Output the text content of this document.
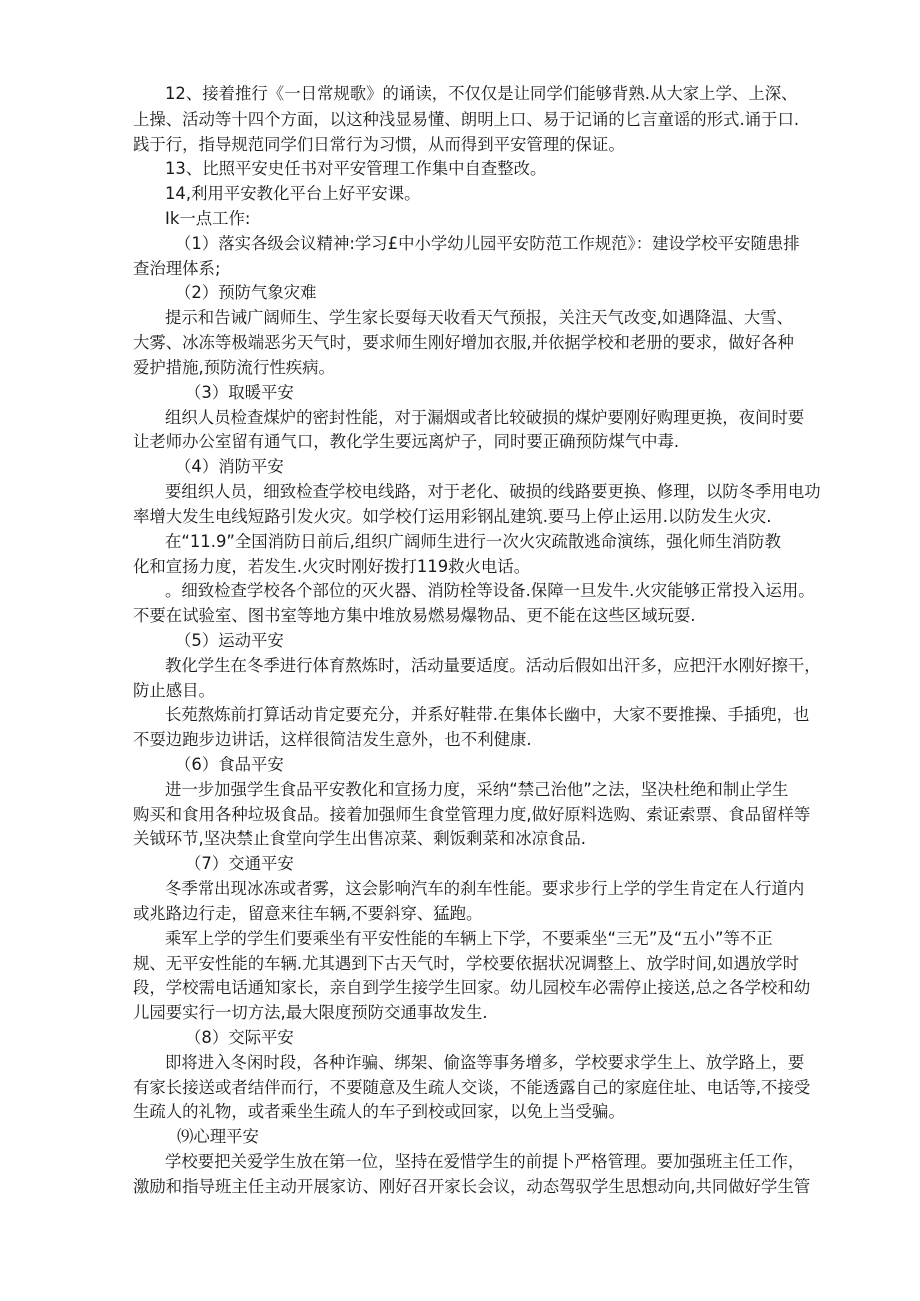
12、接着推行《一日常规歌》的诵读，不仅仅是让同学们能够背熟.从大家上学、上深、
上操、活动等十四个方面，以这种浅显易懂、朗明上口、易于记诵的匕言童谣的形式.诵于口.
践于行，指导规范同学们日常行为习惯，从而得到平安管理的保证。
13、比照平安史任书对平安管理工作集中自查整改。
14,利用平安教化平台上好平安课。
Ik一点工作:
（1）落实各级会议精神:学习£中小学幼儿园平安防范工作规范》：建设学校平安随患排
查治理体系;
（2）预防气象灾难
提示和告诫广阔师生、学生家长耍每天收看天气预报，关注天气改变,如遇降温、大雪、
大雾、冰冻等极端恶劣天气时，要求师生刚好增加衣服,并依据学校和老册的要求，做好各种
爱护措施,预防流行性疾病。
（3）取暖平安
组织人员检查煤炉的密封性能，对于漏烟或者比较破损的煤炉要刚好购理更换，夜间时要
让老师办公室留有通气口，教化学生要远离炉子，同时要正确预防煤气中毒.
（4）消防平安
要组织人员，细致检查学校电线路，对于老化、破损的线路要更换、修理，以防冬季用电功
率增大发生电线短路引发火灾。如学校仃运用彩钢乩建筑.要马上停止运用.以防发生火灾.
在“11.9”全国消防日前后,组织广阔师生进行一次火灾疏散逃命演练，强化师生消防教
化和宣扬力度，若发生.火灾时刚好拨打119救火电话。
。细致检查学校各个部位的灭火器、消防栓等设备.保障一旦发牛.火灾能够正常投入运用。
不要在试验室、图书室等地方集中堆放易燃易爆物品、更不能在这些区域玩耍.
（5）运动平安
教化学生在冬季进行体育熬炼时，活动量要适度。活动后假如出汗多，应把汗水刚好擦干，
防止感目。
长苑熬炼前打算话动肯定要充分，并系好鞋带.在集体长幽中，大家不要推操、手插兜，也
不耍边跑步边讲话，这样很简洁发生意外，也不利健康.
（6）食品平安
进一步加强学生食品平安教化和宣扬力度，采纳“禁己治他”之法，坚决杜绝和制止学生
购买和食用各种垃圾食品。接着加强师生食堂管理力度,做好原料选购、索证索票、食品留样等
关钺环节,坚决禁止食堂向学生出售凉菜、剩饭剩菜和冰凉食品.
（7）交通平安
冬季常出现冰冻或者雾，这会影响汽车的刹车性能。要求步行上学的学生肯定在人行道内
或兆路边行走，留意来往车辆,不要斜穿、猛跑。
乘军上学的学生们要乘坐有平安性能的车辆上下学，不要乘坐“三无”及“五小”等不正
规、无平安性能的车辆.尤其遇到下古天气时，学校要依据状况调整上、放学时间,如遇放学时
段，学校需电话通知家长，亲自到学生接学生回家。幼儿园校车必需停止接送,总之各学校和幼
儿园要实行一切方法,最大限度预防交通事故发生.
（8）交际平安
即将进入冬闲时段，各种诈骗、绑架、偷盗等事务增多，学校要求学生上、放学路上，要
有家长接送或者结伴而行，不要随意及生疏人交谈，不能透露自己的家庭住址、电话等,不接受
生疏人的礼物，或者乘坐生疏人的车子到校或回家，以免上当受骗。
⑼心理平安
学校要把关爱学生放在第一位，坚持在爱惜学生的前提卜严格管理。要加强班主任工作，
激励和指导班主任主动开展家访、刚好召开家长会议，动态驾驭学生思想动向,共同做好学生管
